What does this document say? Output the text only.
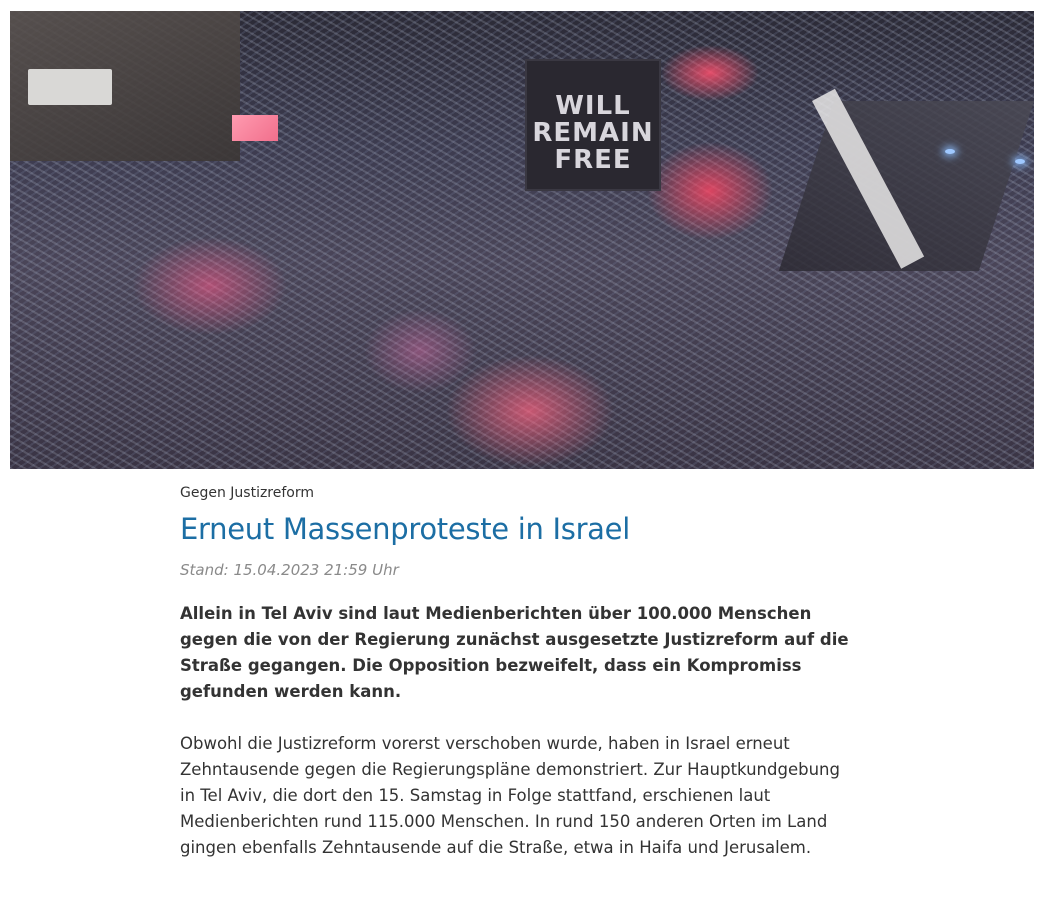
WILL
REMAIN
FREE

Gegen Justizreform

Erneut Massenproteste in Israel

Stand: 15.04.2023 21:59 Uhr

Allein in Tel Aviv sind laut Medienberichten über 100.000 Menschen gegen die von der Regierung zunächst ausgesetzte Justizreform auf die Straße gegangen. Die Opposition bezweifelt, dass ein Kompromiss gefunden werden kann.

Obwohl die Justizreform vorerst verschoben wurde, haben in Israel erneut Zehntausende gegen die Regierungspläne demonstriert. Zur Hauptkundgebung in Tel Aviv, die dort den 15. Samstag in Folge stattfand, erschienen laut Medienberichten rund 115.000 Menschen. In rund 150 anderen Orten im Land gingen ebenfalls Zehntausende auf die Straße, etwa in Haifa und Jerusalem.
